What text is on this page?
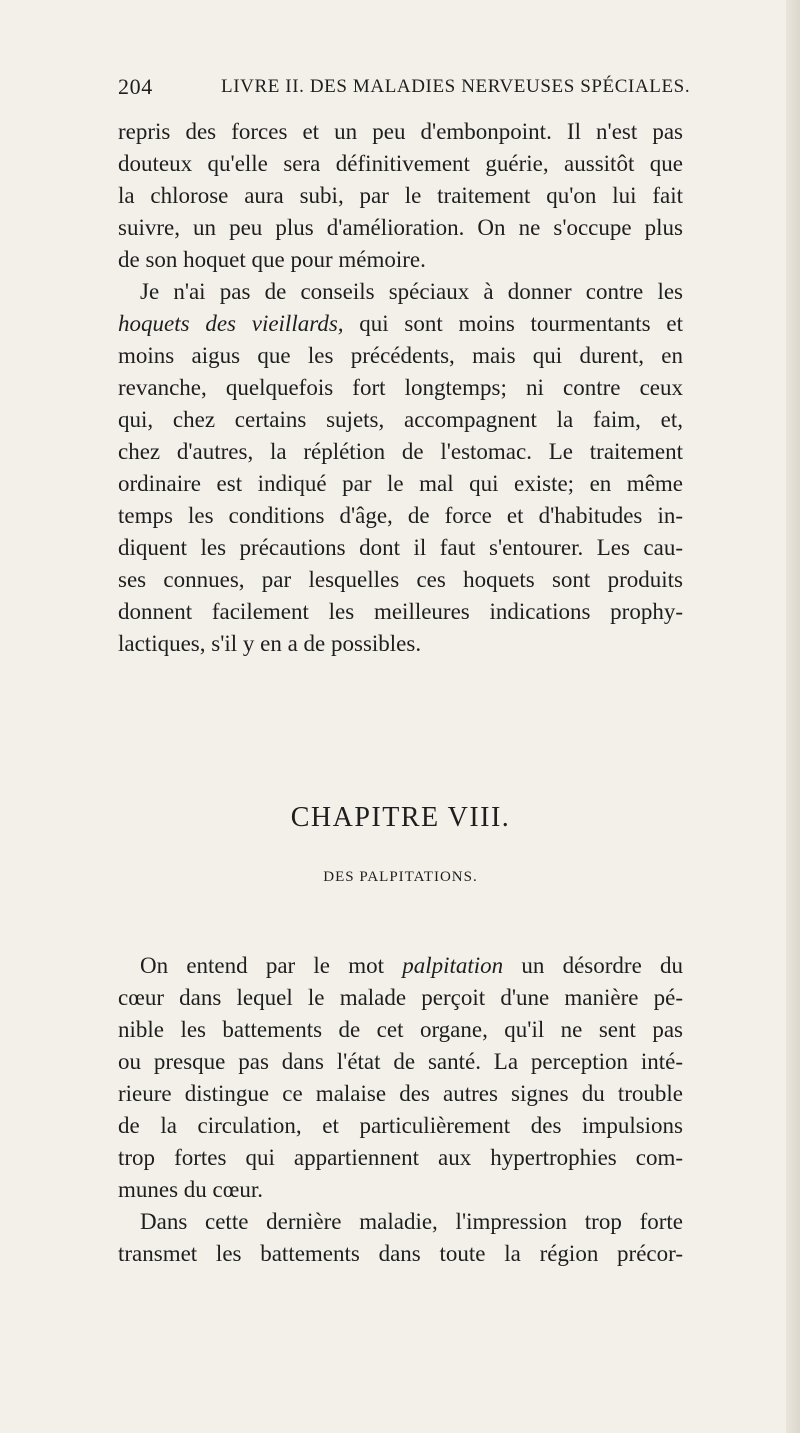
204	LIVRE II. DES MALADIES NERVEUSES SPÉCIALES.
repris des forces et un peu d'embonpoint. Il n'est pas
douteux qu'elle sera définitivement guérie, aussitôt que
la chlorose aura subi, par le traitement qu'on lui fait
suivre, un peu plus d'amélioration. On ne s'occupe plus
de son hoquet que pour mémoire.
Je n'ai pas de conseils spéciaux à donner contre les
hoquets des vieillards, qui sont moins tourmentants et
moins aigus que les précédents, mais qui durent, en
revanche, quelquefois fort longtemps; ni contre ceux
qui, chez certains sujets, accompagnent la faim, et,
chez d'autres, la réplétion de l'estomac. Le traitement
ordinaire est indiqué par le mal qui existe; en même
temps les conditions d'âge, de force et d'habitudes in-
diquent les précautions dont il faut s'entourer. Les cau-
ses connues, par lesquelles ces hoquets sont produits
donnent facilement les meilleures indications prophy-
lactiques, s'il y en a de possibles.
CHAPITRE VIII.
DES PALPITATIONS.
On entend par le mot palpitation un désordre du
cœur dans lequel le malade perçoit d'une manière pé-
nible les battements de cet organe, qu'il ne sent pas
ou presque pas dans l'état de santé. La perception inté-
rieure distingue ce malaise des autres signes du trouble
de la circulation, et particulièrement des impulsions
trop fortes qui appartiennent aux hypertrophies com-
munes du cœur.
Dans cette dernière maladie, l'impression trop forte
transmet les battements dans toute la région précor-
